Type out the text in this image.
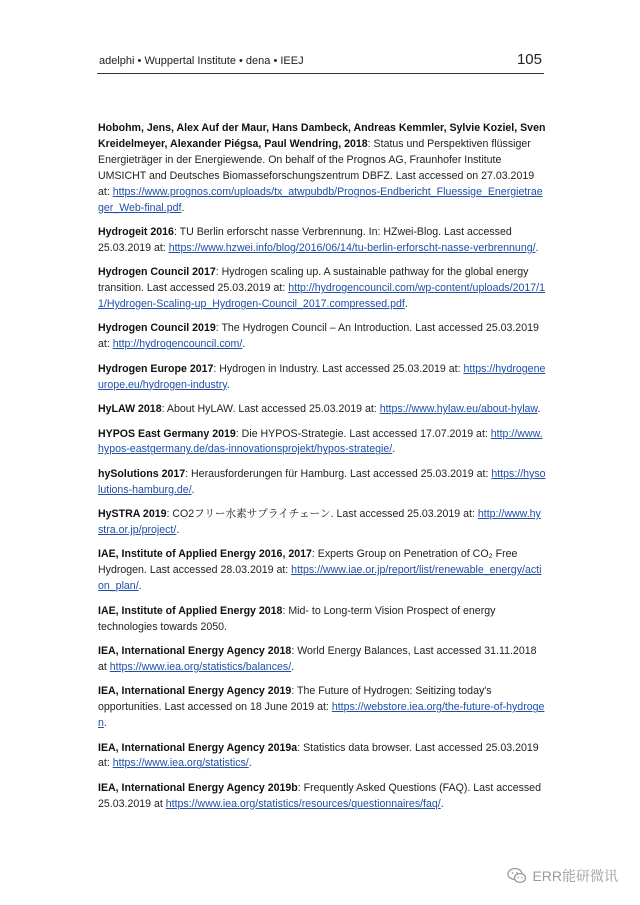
adelphi • Wuppertal Institute • dena • IEEJ	105

Hobohm, Jens, Alex Auf der Maur, Hans Dambeck, Andreas Kemmler, Sylvie Koziel, Sven Kreidelmeyer, Alexander Piégsa, Paul Wendring, 2018: Status und Perspektiven flüssiger Energieträger in der Energiewende. On behalf of the Prognos AG, Fraunhofer Institute UMSICHT and Deutsches Biomasseforschungszentrum DBFZ. Last accessed on 27.03.2019 at: https://www.prognos.com/uploads/tx_atwpubdb/Prognos-Endbericht_Fluessige_Energietraeger_Web-final.pdf.

Hydrogeit 2016: TU Berlin erforscht nasse Verbrennung. In: HZwei-Blog. Last accessed 25.03.2019 at: https://www.hzwei.info/blog/2016/06/14/tu-berlin-erforscht-nasse-verbrennung/.

Hydrogen Council 2017: Hydrogen scaling up. A sustainable pathway for the global energy transition. Last accessed 25.03.2019 at: http://hydrogencouncil.com/wp-content/uploads/2017/11/Hydrogen-Scaling-up_Hydrogen-Council_2017.compressed.pdf.

Hydrogen Council 2019: The Hydrogen Council – An Introduction. Last accessed 25.03.2019 at: http://hydrogencouncil.com/.

Hydrogen Europe 2017: Hydrogen in Industry. Last accessed 25.03.2019 at: https://hydrogeneurope.eu/hydrogen-industry.

HyLAW 2018: About HyLAW. Last accessed 25.03.2019 at: https://www.hylaw.eu/about-hylaw.

HYPOS East Germany 2019: Die HYPOS-Strategie. Last accessed 17.07.2019 at: http://www.hypos-eastgermany.de/das-innovationsprojekt/hypos-strategie/.

hySolutions 2017: Herausforderungen für Hamburg. Last accessed 25.03.2019 at: https://hysolutions-hamburg.de/.

HySTRA 2019: CO2フリー水素サプライチェーン. Last accessed 25.03.2019 at: http://www.hystra.or.jp/project/.

IAE, Institute of Applied Energy 2016, 2017: Experts Group on Penetration of CO₂ Free Hydrogen. Last accessed 28.03.2019 at: https://www.iae.or.jp/report/list/renewable_energy/action_plan/.

IAE, Institute of Applied Energy 2018: Mid- to Long-term Vision Prospect of energy technologies towards 2050.

IEA, International Energy Agency 2018: World Energy Balances, Last accessed 31.11.2018 at https://www.iea.org/statistics/balances/.

IEA, International Energy Agency 2019: The Future of Hydrogen: Seitizing today's opportunities. Last accessed on 18 June 2019 at: https://webstore.iea.org/the-future-of-hydrogen.

IEA, International Energy Agency 2019a: Statistics data browser. Last accessed 25.03.2019 at: https://www.iea.org/statistics/.

IEA, International Energy Agency 2019b: Frequently Asked Questions (FAQ). Last accessed 25.03.2019 at https://www.iea.org/statistics/resources/questionnaires/faq/.

ERR能研微讯
